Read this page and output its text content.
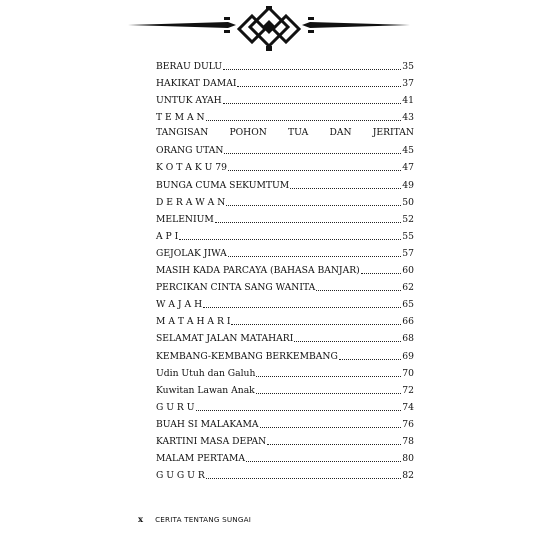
BERAU DULU	35
HAKIKAT DAMAI	37
UNTUK AYAH	41
T E M A N	43
TANGISAN POHON TUA DAN JERITAN
ORANG UTAN	45
K O T A K U 79	47
BUNGA CUMA SEKUMTUM	49
D E R A W A N	50
MELENIUM	52
A P I	55
GEJOLAK JIWA	57
MASIH KADA PARCAYA (BAHASA BANJAR)	60
PERCIKAN CINTA SANG WANITA	62
W A J A H	65
M A T A H A R I	66
SELAMAT JALAN MATAHARI	68
KEMBANG-KEMBANG BERKEMBANG	69
Udin Utuh dan Galuh	70
Kuwitan Lawan Anak	72
G U R U	74
BUAH SI MALAKAMA	76
KARTINI MASA DEPAN	78
MALAM PERTAMA	80
G U G U R	82
x CERITA TENTANG SUNGAI
